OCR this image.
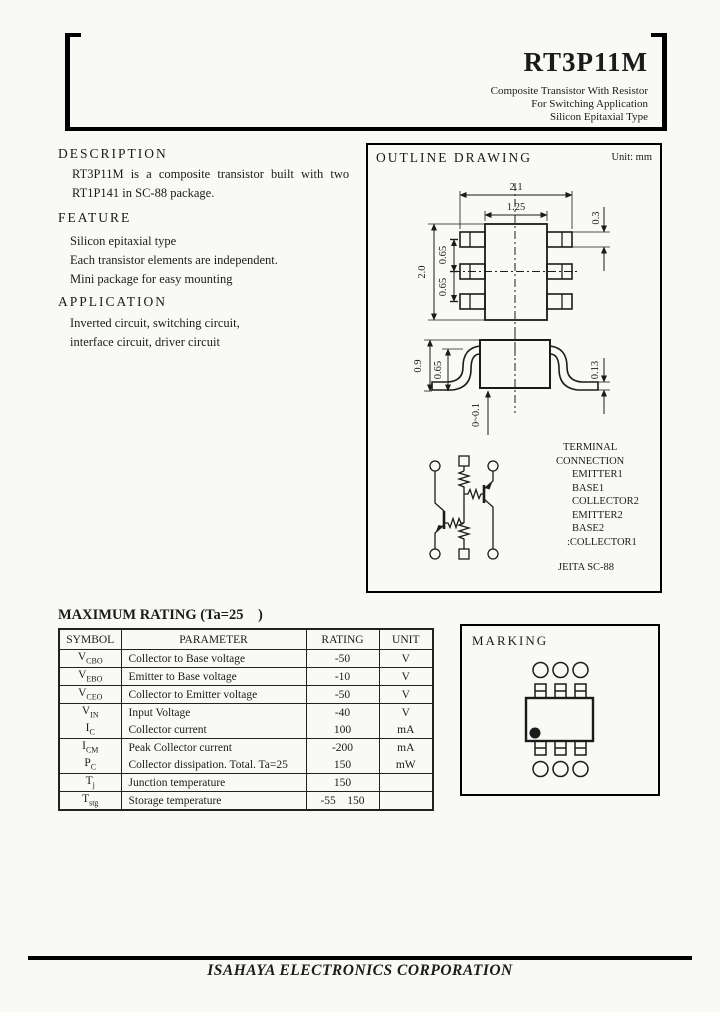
RT3P11M
Composite Transistor With Resistor
For Switching Application
Silicon Epitaxial Type
DESCRIPTION
RT3P11M is a composite transistor built with two
RT1P141 in SC-88 package.
FEATURE
Silicon epitaxial type
Each transistor elements are independent.
Mini package for easy mounting
APPLICATION
Inverted circuit, switching circuit,
interface circuit, driver circuit
OUTLINE DRAWING	Unit: mm
2.1
1.25
2.0
0.65
0.65
0.3
0.9 0.65	0.13
0~0.1
TERMINAL
CONNECTION
EMITTER1
BASE1
COLLECTOR2
EMITTER2
BASE2
:COLLECTOR1
JEITA SC-88
MAXIMUM RATING (Ta=25    )
SYMBOL	PARAMETER	RATING	UNIT
$V_{CBO}$	Collector to Base voltage	-50	V
$V_{EBO}$	Emitter to Base voltage	-10	V
$V_{CEO}$	Collector to Emitter voltage	-50	V
$V_{IN}$	Input Voltage	-40	V
$I_C$	Collector current	100	mA
$I_{CM}$	Peak Collector current	-200	mA
$P_C$	Collector dissipation. Total. Ta=25	150	mW
$T_j$	Junction temperature	150	
$T_{stg}$	Storage temperature	-55    150	
MARKING
ISAHAYA ELECTRONICS CORPORATION
